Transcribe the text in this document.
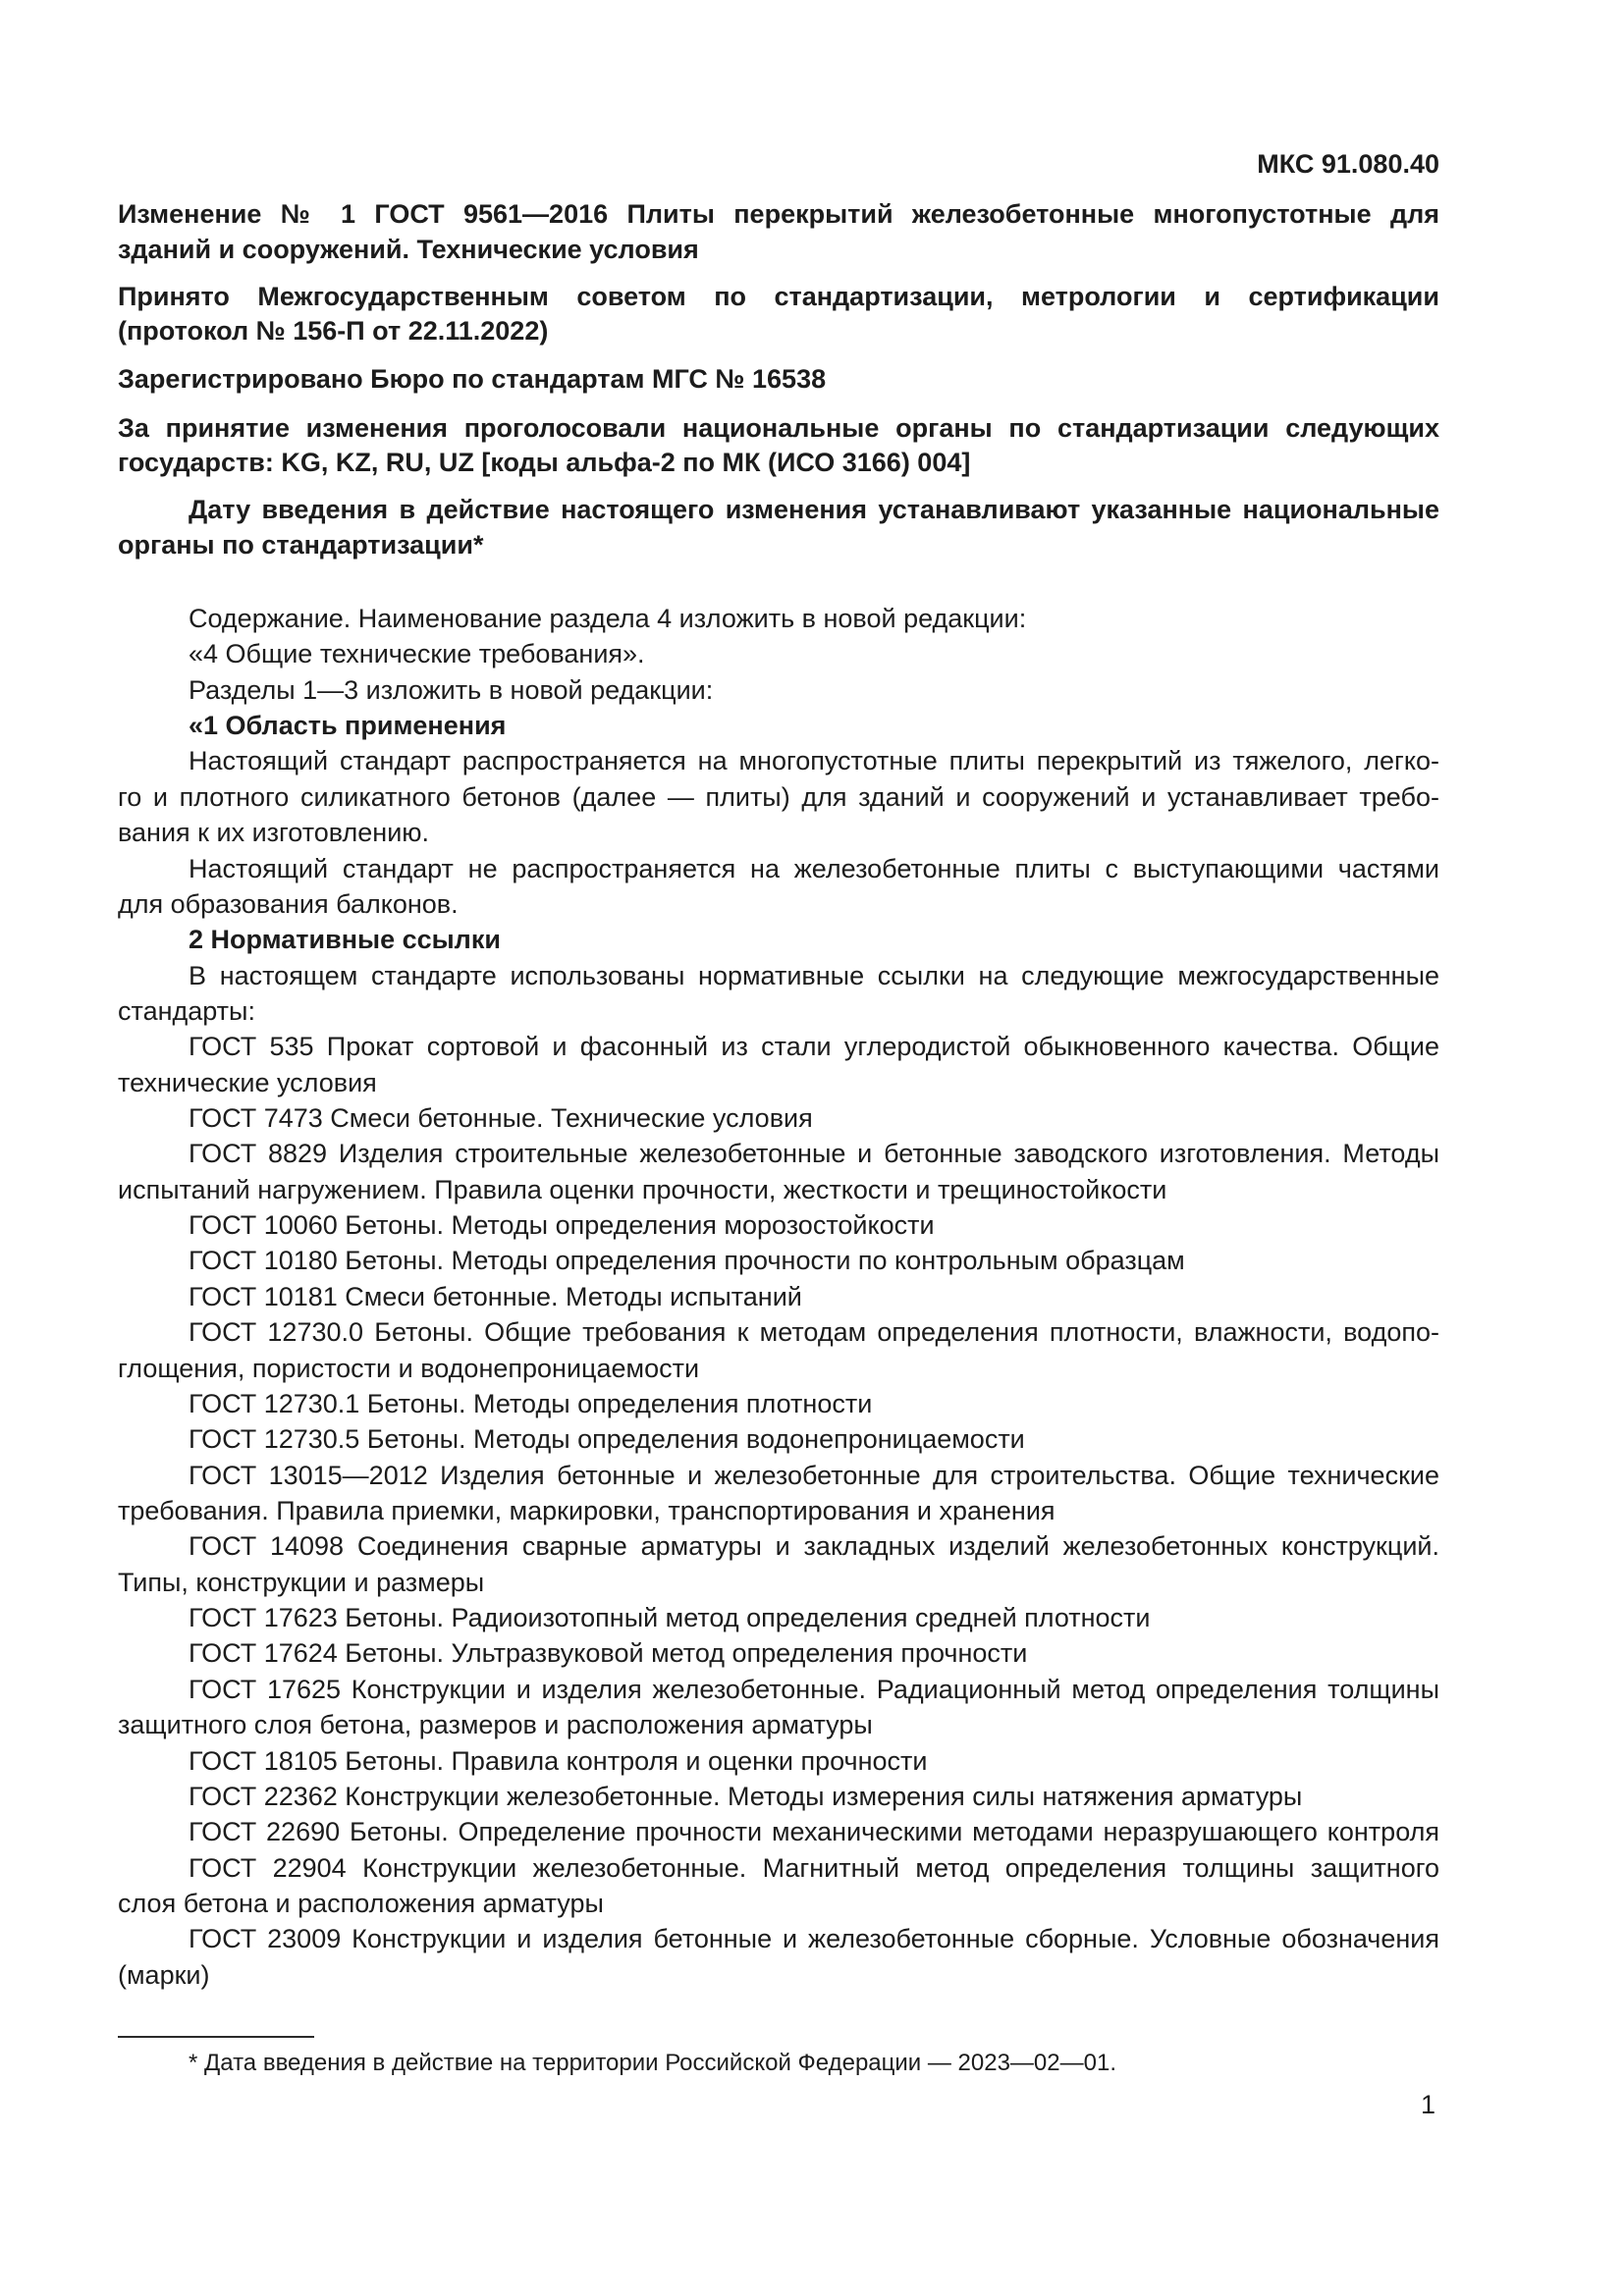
МКС 91.080.40
Изменение № 1 ГОСТ 9561—2016 Плиты перекрытий железобетонные многопустотные для
зданий и сооружений. Технические условия
Принято Межгосударственным советом по стандартизации, метрологии и сертификации
(протокол № 156-П от 22.11.2022)
Зарегистрировано Бюро по стандартам МГС № 16538
За принятие изменения проголосовали национальные органы по стандартизации следующих
государств: KG, KZ, RU, UZ [коды альфа-2 по МК (ИСО 3166) 004]
Дату введения в действие настоящего изменения устанавливают указанные национальные
органы по стандартизации*
Содержание. Наименование раздела 4 изложить в новой редакции:
«4 Общие технические требования».
Разделы 1—3 изложить в новой редакции:
«1 Область применения
Настоящий стандарт распространяется на многопустотные плиты перекрытий из тяжелого, легко-
го и плотного силикатного бетонов (далее — плиты) для зданий и сооружений и устанавливает требо-
вания к их изготовлению.
Настоящий стандарт не распространяется на железобетонные плиты с выступающими частями
для образования балконов.
2 Нормативные ссылки
В настоящем стандарте использованы нормативные ссылки на следующие межгосударственные
стандарты:
ГОСТ 535 Прокат сортовой и фасонный из стали углеродистой обыкновенного качества. Общие
технические условия
ГОСТ 7473 Смеси бетонные. Технические условия
ГОСТ 8829 Изделия строительные железобетонные и бетонные заводского изготовления. Методы
испытаний нагружением. Правила оценки прочности, жесткости и трещиностойкости
ГОСТ 10060 Бетоны. Методы определения морозостойкости
ГОСТ 10180 Бетоны. Методы определения прочности по контрольным образцам
ГОСТ 10181 Смеси бетонные. Методы испытаний
ГОСТ 12730.0 Бетоны. Общие требования к методам определения плотности, влажности, водопо-
глощения, пористости и водонепроницаемости
ГОСТ 12730.1 Бетоны. Методы определения плотности
ГОСТ 12730.5 Бетоны. Методы определения водонепроницаемости
ГОСТ 13015—2012 Изделия бетонные и железобетонные для строительства. Общие технические
требования. Правила приемки, маркировки, транспортирования и хранения
ГОСТ 14098 Соединения сварные арматуры и закладных изделий железобетонных конструкций.
Типы, конструкции и размеры
ГОСТ 17623 Бетоны. Радиоизотопный метод определения средней плотности
ГОСТ 17624 Бетоны. Ультразвуковой метод определения прочности
ГОСТ 17625 Конструкции и изделия железобетонные. Радиационный метод определения толщины
защитного слоя бетона, размеров и расположения арматуры
ГОСТ 18105 Бетоны. Правила контроля и оценки прочности
ГОСТ 22362 Конструкции железобетонные. Методы измерения силы натяжения арматуры
ГОСТ 22690 Бетоны. Определение прочности механическими методами неразрушающего контроля
ГОСТ 22904 Конструкции железобетонные. Магнитный метод определения толщины защитного
слоя бетона и расположения арматуры
ГОСТ 23009 Конструкции и изделия бетонные и железобетонные сборные. Условные обозначения
(марки)
* Дата введения в действие на территории Российской Федерации — 2023—02—01.
1
